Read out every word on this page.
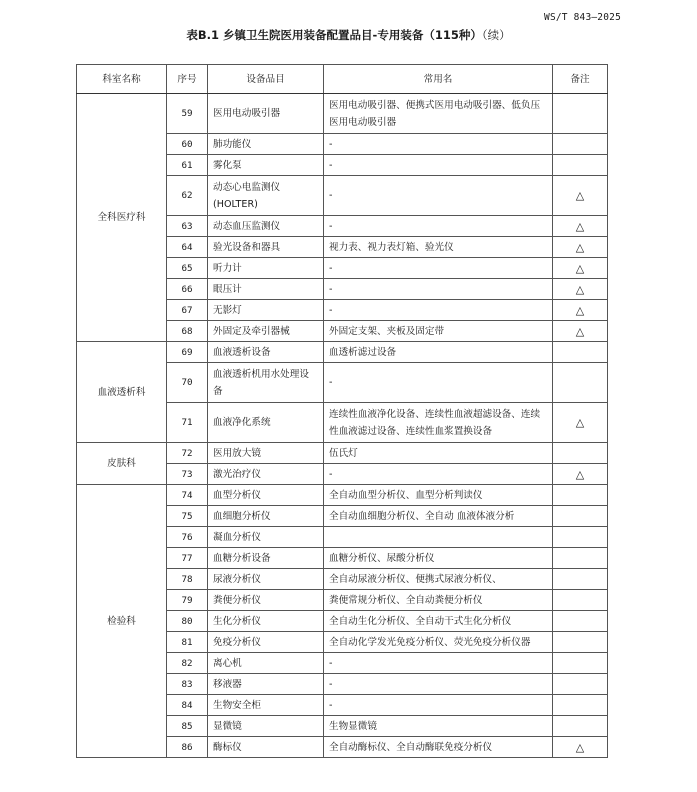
WS/T 843—2025
表B.1 乡镇卫生院医用装备配置品目-专用装备（115种）（续）
科室名称	序号	设备品目	常用名	备注
全科医疗科	59	医用电动吸引器	医用电动吸引器、便携式医用电动吸引器、低负压医用电动吸引器	
	60	肺功能仪	-	
	61	雾化泵	-	
	62	动态心电监测仪(HOLTER)	-	△
	63	动态血压监测仪	-	△
	64	验光设备和器具	视力表、视力表灯箱、验光仪	△
	65	听力计	-	△
	66	眼压计	-	△
	67	无影灯	-	△
	68	外固定及牵引器械	外固定支架、夹板及固定带	△
血液透析科	69	血液透析设备	血透析滤过设备	
	70	血液透析机用水处理设备	-	
	71	血液净化系统	连续性血液净化设备、连续性血液超滤设备、连续性血液滤过设备、连续性血浆置换设备	△
皮肤科	72	医用放大镜	伍氏灯	
	73	激光治疗仪	-	△
检验科	74	血型分析仪	全自动血型分析仪、血型分析判读仪	
	75	血细胞分析仪	全自动血细胞分析仪、全自动 血液体液分析	
	76	凝血分析仪		
	77	血糖分析设备	血糖分析仪、尿酸分析仪	
	78	尿液分析仪	全自动尿液分析仪、便携式尿液分析仪、	
	79	粪便分析仪	粪便常规分析仪、全自动粪便分析仪	
	80	生化分析仪	全自动生化分析仪、全自动干式生化分析仪	
	81	免疫分析仪	全自动化学发光免疫分析仪、荧光免疫分析仪器	
	82	离心机	-	
	83	移液器	-	
	84	生物安全柜	-	
	85	显微镜	生物显微镜	
	86	酶标仪	全自动酶标仪、全自动酶联免疫分析仪	△
